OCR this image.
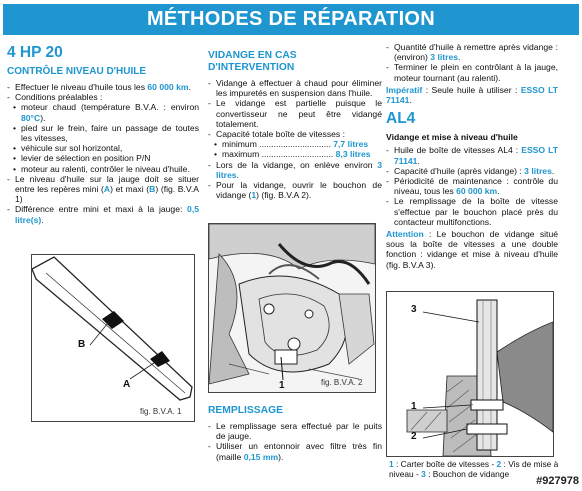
MÉTHODES DE RÉPARATION
4 HP 20
CONTRÔLE NIVEAU D'HUILE
- Effectuer le niveau d'huile tous les 60 000 km.
- Conditions préalables :
• moteur chaud (température B.V.A. : environ 80°C).
• pied sur le frein, faire un passage de toutes les vitesses,
• véhicule sur sol horizontal,
• levier de sélection en position P/N
• moteur au ralenti, contrôler le niveau d'huile.
- Le niveau d'huile sur la jauge doit se situer entre les repères mini (A) et maxi (B) (fig. B.V.A 1)
- Différence entre mini et maxi à la jauge: 0,5 litre(s).
B
A
fig. B.V.A. 1
VIDANGE EN CAS D'INTERVENTION
- Vidange à effectuer à chaud pour éliminer les impuretés en suspension dans l'huile.
- Le vidange est partielle puisque le convertisseur ne peut être vidangé totalement.
- Capacité totale boîte de vitesses :
• minimum .............................. 7,7 litres
• maximum .............................. 8,3 litres
- Lors de la vidange, on enlève environ 3 litres.
- Pour la vidange, ouvrir le bouchon de vidange (1) (fig. B.V.A 2).
1	fig. B.V.A. 2
REMPLISSAGE
- Le remplissage sera effectué par le puits de jauge.
- Utiliser un entonnoir avec filtre très fin (maille 0,15 mm).
- Quantité d'huile à remettre après vidange : (environ) 3 litres.
- Terminer le plein en contrôlant à la jauge, moteur tournant (au ralenti).
Impératif : Seule huile à utiliser : ESSO LT 71141.
AL4
Vidange et mise à niveau d'huile
- Huile de boîte de vitesses AL4 : ESSO LT 71141.
- Capacité d'huile (après vidange) : 3 litres.
- Périodicité de maintenance : contrôle du niveau, tous les 60 000 km.
- Le remplissage de la boîte de vitesse s'effectue par le bouchon placé près du contacteur multifonctions.
Attention : Le bouchon de vidange situé sous la boîte de vitesses a une double fonction : vidange et mise à niveau d'huile (fig. B.V.A 3).
3
1
2
1 : Carter boîte de vitesses - 2 : Vis de mise à niveau - 3 : Bouchon de vidange
#927978
